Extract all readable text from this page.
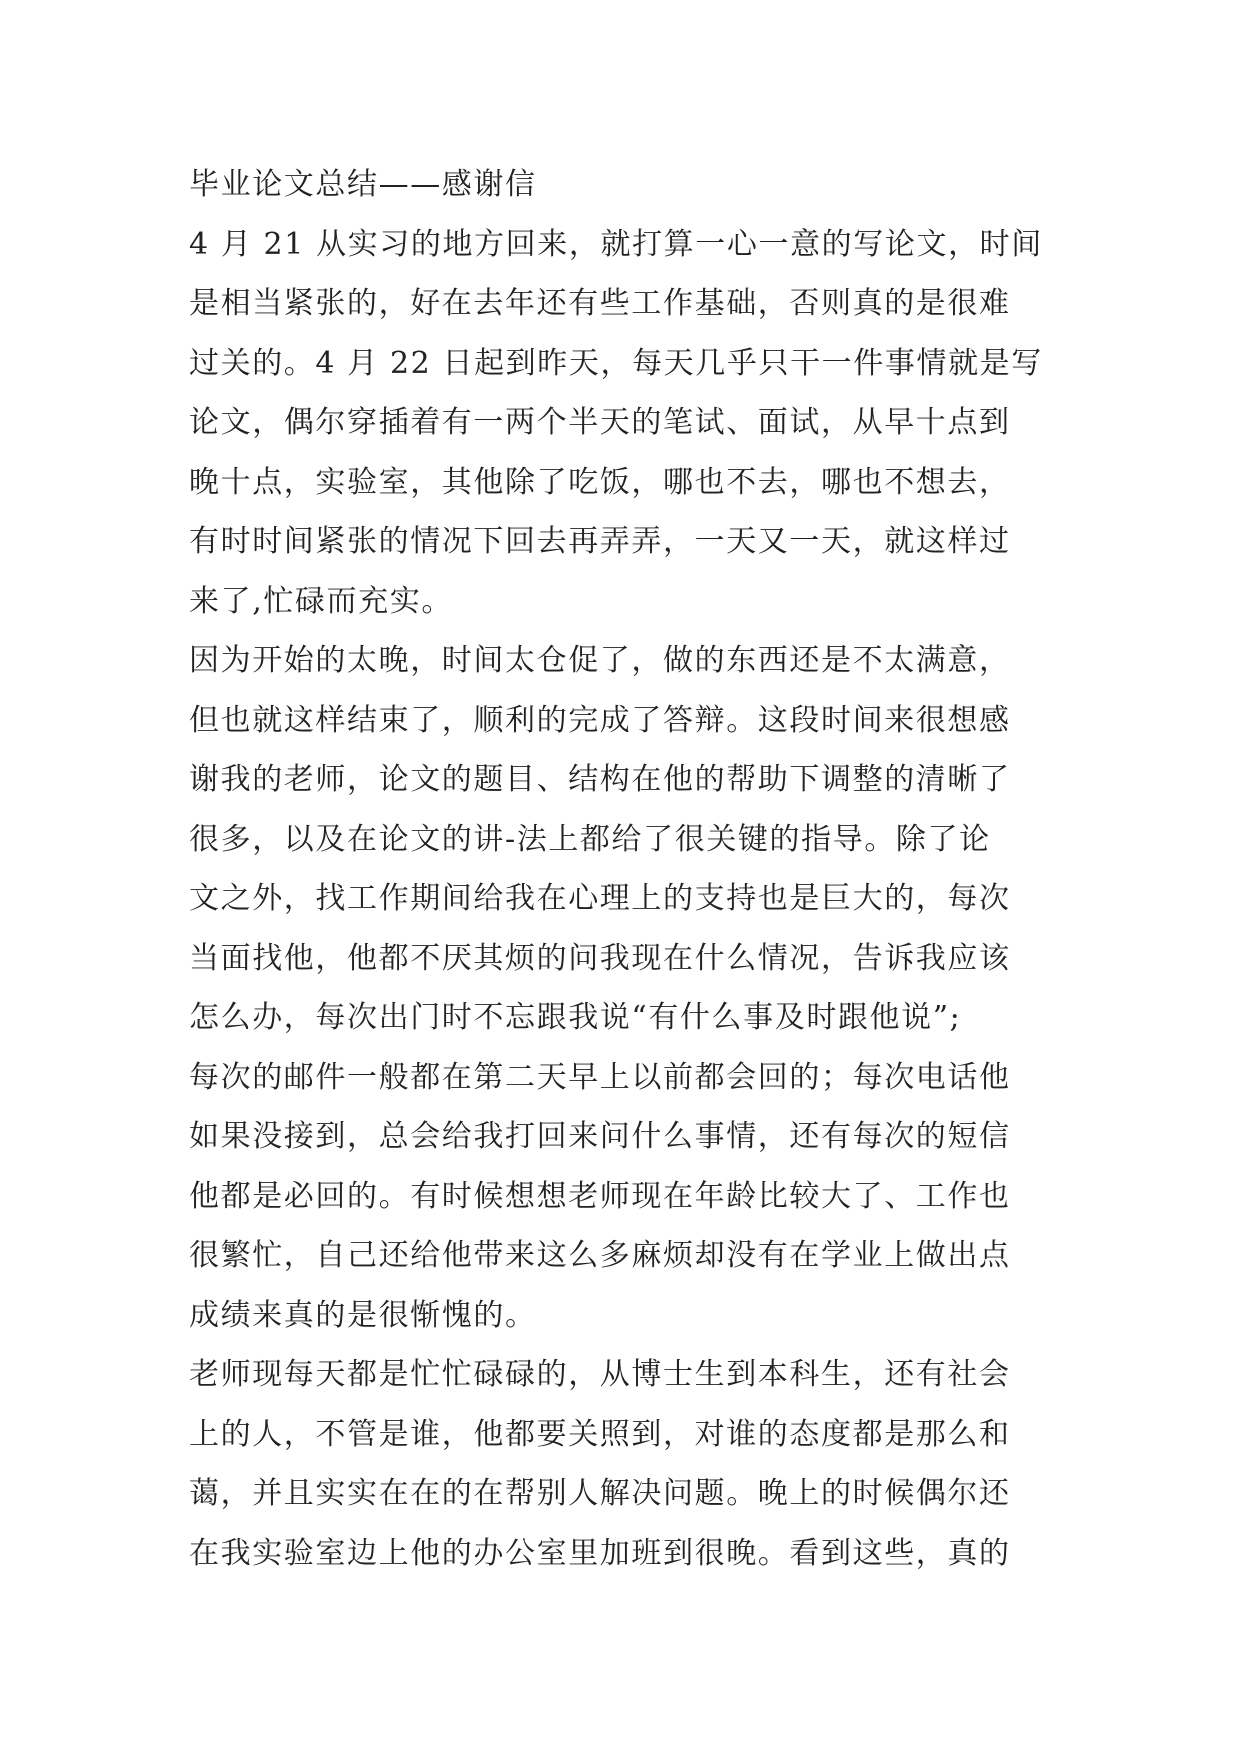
毕业论文总结——感谢信
4 月 21 从实习的地方回来，就打算一心一意的写论文，时间
是相当紧张的，好在去年还有些工作基础，否则真的是很难
过关的。4 月 22 日起到昨天，每天几乎只干一件事情就是写
论文，偶尔穿插着有一两个半天的笔试、面试，从早十点到
晚十点，实验室，其他除了吃饭，哪也不去，哪也不想去，
有时时间紧张的情况下回去再弄弄，一天又一天，就这样过
来了,忙碌而充实。
因为开始的太晚，时间太仓促了，做的东西还是不太满意，
但也就这样结束了，顺利的完成了答辩。这段时间来很想感
谢我的老师，论文的题目、结构在他的帮助下调整的清晰了
很多，以及在论文的讲-法上都给了很关键的指导。除了论
文之外，找工作期间给我在心理上的支持也是巨大的，每次
当面找他，他都不厌其烦的问我现在什么情况，告诉我应该
怎么办，每次出门时不忘跟我说“有什么事及时跟他说”;
每次的邮件一般都在第二天早上以前都会回的；每次电话他
如果没接到，总会给我打回来问什么事情，还有每次的短信
他都是必回的。有时候想想老师现在年龄比较大了、工作也
很繁忙，自己还给他带来这么多麻烦却没有在学业上做出点
成绩来真的是很惭愧的。
老师现每天都是忙忙碌碌的，从博士生到本科生，还有社会
上的人，不管是谁，他都要关照到，对谁的态度都是那么和
蔼，并且实实在在的在帮别人解决问题。晚上的时候偶尔还
在我实验室边上他的办公室里加班到很晚。看到这些，真的
